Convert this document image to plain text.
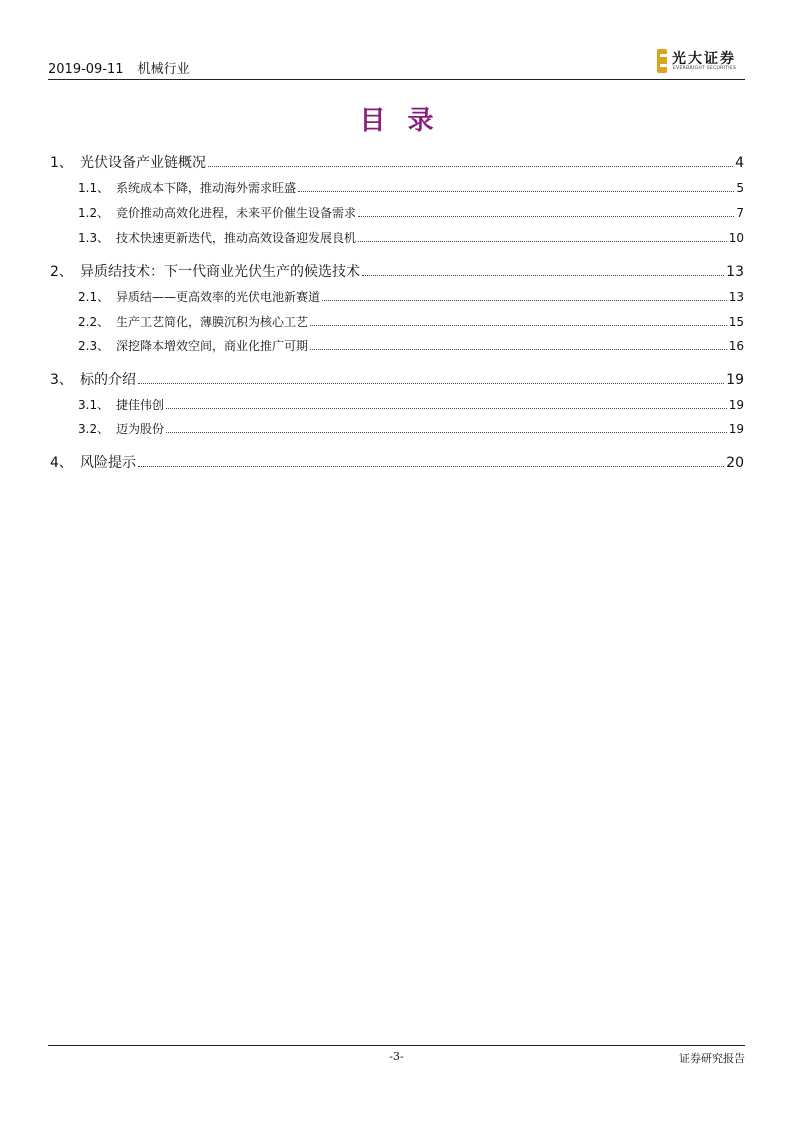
2019-09-11 机械行业
光大证券
EVERBRIGHT SECURITIES
目录
1、 光伏设备产业链概况	4
1.1、 系统成本下降，推动海外需求旺盛	5
1.2、 竞价推动高效化进程，未来平价催生设备需求	7
1.3、 技术快速更新迭代，推动高效设备迎发展良机	10
2、 异质结技术：下一代商业光伏生产的候选技术	13
2.1、 异质结——更高效率的光伏电池新赛道	13
2.2、 生产工艺简化，薄膜沉积为核心工艺	15
2.3、 深挖降本增效空间，商业化推广可期	16
3、 标的介绍	19
3.1、 捷佳伟创	19
3.2、 迈为股份	19
4、 风险提示	20
-3-	证券研究报告
